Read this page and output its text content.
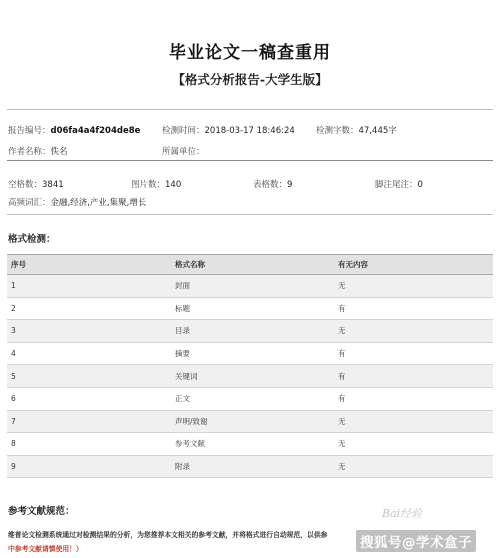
毕业论文一稿查重用
【格式分析报告-大学生版】
报告编号：d06fa4a4f204de8e	检测时间：2018-03-17 18:46:24 检测字数：47,445字
作者名称：佚名	所属单位：
空格数：3841	图片数：140	表格数：9	脚注尾注：0
高频词汇：金融,经济,产业,集聚,增长
格式检测：
序号	格式名称	有无内容
1	封面	无
2	标题	有
3	目录	无
4	摘要	有
5	关键词	有
6	正文	有
7	声明/致谢	无
8	参考文献	无
9	附录	无
参考文献规范：
维普论文检测系统通过对检测结果的分析，为您推荐本文相关的参考文献，并将格式进行自动规范，以供参
中参考文献请慎使用！）
Bai经验
搜狐号@学术盒子
